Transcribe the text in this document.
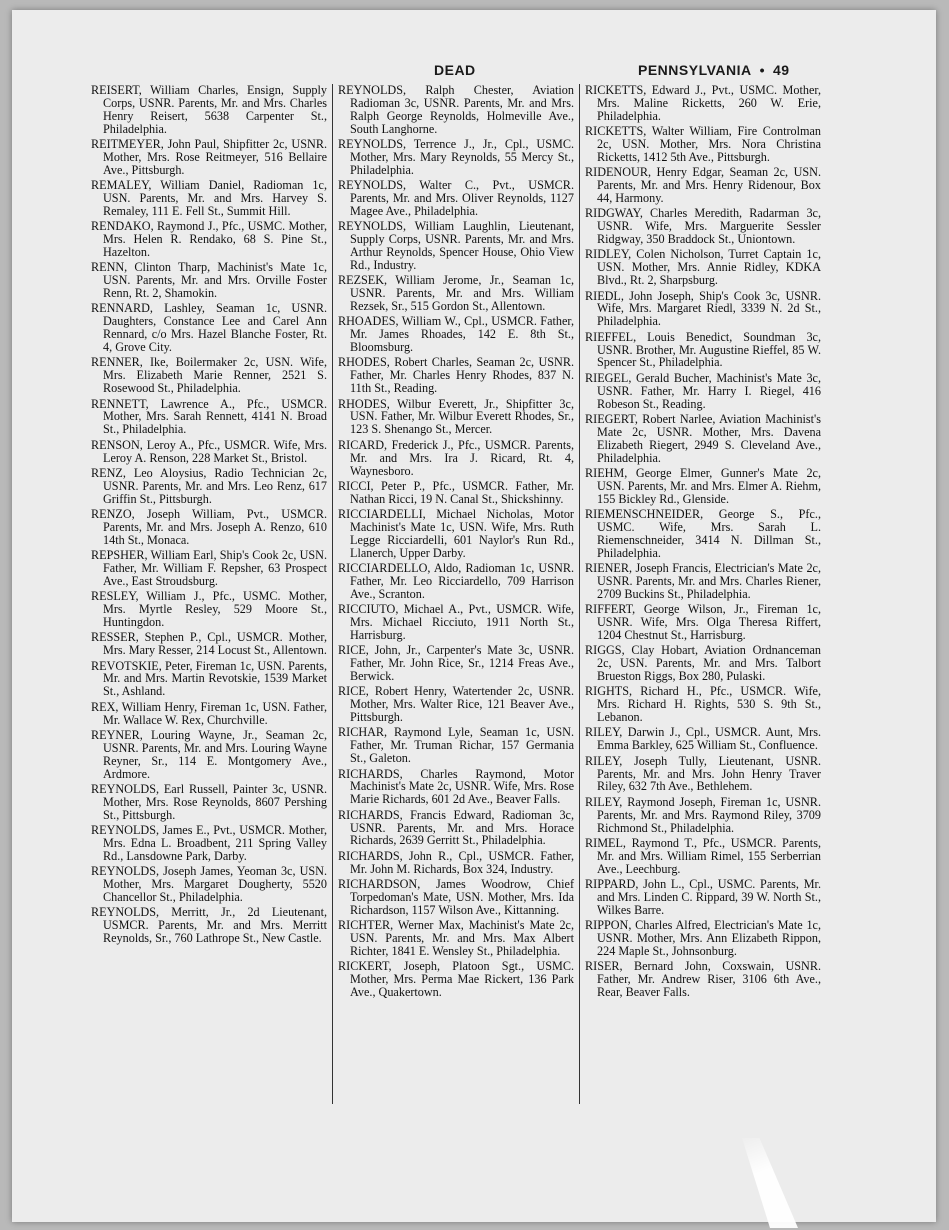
DEAD	PENNSYLVANIA • 49

REISERT, William Charles, Ensign, Supply Corps, USNR. Parents, Mr. and Mrs. Charles Henry Reisert, 5638 Carpenter St., Philadelphia.

REITMEYER, John Paul, Shipfitter 2c, USNR. Mother, Mrs. Rose Reitmeyer, 516 Bellaire Ave., Pittsburgh.

REMALEY, William Daniel, Radioman 1c, USN. Parents, Mr. and Mrs. Harvey S. Remaley, 111 E. Fell St., Summit Hill.

RENDAKO, Raymond J., Pfc., USMC. Mother, Mrs. Helen R. Rendako, 68 S. Pine St., Hazelton.

RENN, Clinton Tharp, Machinist's Mate 1c, USN. Parents, Mr. and Mrs. Orville Foster Renn, Rt. 2, Shamokin.

RENNARD, Lashley, Seaman 1c, USNR. Daughters, Constance Lee and Carel Ann Rennard, c/o Mrs. Hazel Blanche Foster, Rt. 4, Grove City.

RENNER, Ike, Boilermaker 2c, USN. Wife, Mrs. Elizabeth Marie Renner, 2521 S. Rosewood St., Philadelphia.

RENNETT, Lawrence A., Pfc., USMCR. Mother, Mrs. Sarah Rennett, 4141 N. Broad St., Philadelphia.

RENSON, Leroy A., Pfc., USMCR. Wife, Mrs. Leroy A. Renson, 228 Market St., Bristol.

RENZ, Leo Aloysius, Radio Technician 2c, USNR. Parents, Mr. and Mrs. Leo Renz, 617 Griffin St., Pittsburgh.

RENZO, Joseph William, Pvt., USMCR. Parents, Mr. and Mrs. Joseph A. Renzo, 610 14th St., Monaca.

REPSHER, William Earl, Ship's Cook 2c, USN. Father, Mr. William F. Repsher, 63 Prospect Ave., East Stroudsburg.

RESLEY, William J., Pfc., USMC. Mother, Mrs. Myrtle Resley, 529 Moore St., Huntingdon.

RESSER, Stephen P., Cpl., USMCR. Mother, Mrs. Mary Resser, 214 Locust St., Allentown.

REVOTSKIE, Peter, Fireman 1c, USN. Parents, Mr. and Mrs. Martin Revotskie, 1539 Market St., Ashland.

REX, William Henry, Fireman 1c, USN. Father, Mr. Wallace W. Rex, Churchville.

REYNER, Louring Wayne, Jr., Seaman 2c, USNR. Parents, Mr. and Mrs. Louring Wayne Reyner, Sr., 114 E. Montgomery Ave., Ardmore.

REYNOLDS, Earl Russell, Painter 3c, USNR. Mother, Mrs. Rose Reynolds, 8607 Pershing St., Pittsburgh.

REYNOLDS, James E., Pvt., USMCR. Mother, Mrs. Edna L. Broadbent, 211 Spring Valley Rd., Lansdowne Park, Darby.

REYNOLDS, Joseph James, Yeoman 3c, USN. Mother, Mrs. Margaret Dougherty, 5520 Chancellor St., Philadelphia.

REYNOLDS, Merritt, Jr., 2d Lieutenant, USMCR. Parents, Mr. and Mrs. Merritt Reynolds, Sr., 760 Lathrope St., New Castle.

REYNOLDS, Ralph Chester, Aviation Radioman 3c, USNR. Parents, Mr. and Mrs. Ralph George Reynolds, Holmeville Ave., South Langhorne.

REYNOLDS, Terrence J., Jr., Cpl., USMC. Mother, Mrs. Mary Reynolds, 55 Mercy St., Philadelphia.

REYNOLDS, Walter C., Pvt., USMCR. Parents, Mr. and Mrs. Oliver Reynolds, 1127 Magee Ave., Philadelphia.

REYNOLDS, William Laughlin, Lieutenant, Supply Corps, USNR. Parents, Mr. and Mrs. Arthur Reynolds, Spencer House, Ohio View Rd., Industry.

REZSEK, William Jerome, Jr., Seaman 1c, USNR. Parents, Mr. and Mrs. William Rezsek, Sr., 515 Gordon St., Allentown.

RHOADES, William W., Cpl., USMCR. Father, Mr. James Rhoades, 142 E. 8th St., Bloomsburg.

RHODES, Robert Charles, Seaman 2c, USNR. Father, Mr. Charles Henry Rhodes, 837 N. 11th St., Reading.

RHODES, Wilbur Everett, Jr., Shipfitter 3c, USN. Father, Mr. Wilbur Everett Rhodes, Sr., 123 S. Shenango St., Mercer.

RICARD, Frederick J., Pfc., USMCR. Parents, Mr. and Mrs. Ira J. Ricard, Rt. 4, Waynesboro.

RICCI, Peter P., Pfc., USMCR. Father, Mr. Nathan Ricci, 19 N. Canal St., Shickshinny.

RICCIARDELLI, Michael Nicholas, Motor Machinist's Mate 1c, USN. Wife, Mrs. Ruth Legge Ricciardelli, 601 Naylor's Run Rd., Llanerch, Upper Darby.

RICCIARDELLO, Aldo, Radioman 1c, USNR. Father, Mr. Leo Ricciardello, 709 Harrison Ave., Scranton.

RICCIUTO, Michael A., Pvt., USMCR. Wife, Mrs. Michael Ricciuto, 1911 North St., Harrisburg.

RICE, John, Jr., Carpenter's Mate 3c, USNR. Father, Mr. John Rice, Sr., 1214 Freas Ave., Berwick.

RICE, Robert Henry, Watertender 2c, USNR. Mother, Mrs. Walter Rice, 121 Beaver Ave., Pittsburgh.

RICHAR, Raymond Lyle, Seaman 1c, USN. Father, Mr. Truman Richar, 157 Germania St., Galeton.

RICHARDS, Charles Raymond, Motor Machinist's Mate 2c, USNR. Wife, Mrs. Rose Marie Richards, 601 2d Ave., Beaver Falls.

RICHARDS, Francis Edward, Radioman 3c, USNR. Parents, Mr. and Mrs. Horace Richards, 2639 Gerritt St., Philadelphia.

RICHARDS, John R., Cpl., USMCR. Father, Mr. John M. Richards, Box 324, Industry.

RICHARDSON, James Woodrow, Chief Torpedoman's Mate, USN. Mother, Mrs. Ida Richardson, 1157 Wilson Ave., Kittanning.

RICHTER, Werner Max, Machinist's Mate 2c, USN. Parents, Mr. and Mrs. Max Albert Richter, 1841 E. Wensley St., Philadelphia.

RICKERT, Joseph, Platoon Sgt., USMC. Mother, Mrs. Perma Mae Rickert, 136 Park Ave., Quakertown.

RICKETTS, Edward J., Pvt., USMC. Mother, Mrs. Maline Ricketts, 260 W. Erie, Philadelphia.

RICKETTS, Walter William, Fire Controlman 2c, USN. Mother, Mrs. Nora Christina Ricketts, 1412 5th Ave., Pittsburgh.

RIDENOUR, Henry Edgar, Seaman 2c, USN. Parents, Mr. and Mrs. Henry Ridenour, Box 44, Harmony.

RIDGWAY, Charles Meredith, Radarman 3c, USNR. Wife, Mrs. Marguerite Sessler Ridgway, 350 Braddock St., Uniontown.

RIDLEY, Colen Nicholson, Turret Captain 1c, USN. Mother, Mrs. Annie Ridley, KDKA Blvd., Rt. 2, Sharpsburg.

RIEDL, John Joseph, Ship's Cook 3c, USNR. Wife, Mrs. Margaret Riedl, 3339 N. 2d St., Philadelphia.

RIEFFEL, Louis Benedict, Soundman 3c, USNR. Brother, Mr. Augustine Rieffel, 85 W. Spencer St., Philadelphia.

RIEGEL, Gerald Bucher, Machinist's Mate 3c, USNR. Father, Mr. Harry I. Riegel, 416 Robeson St., Reading.

RIEGERT, Robert Narlee, Aviation Machinist's Mate 2c, USNR. Mother, Mrs. Davena Elizabeth Riegert, 2949 S. Cleveland Ave., Philadelphia.

RIEHM, George Elmer, Gunner's Mate 2c, USN. Parents, Mr. and Mrs. Elmer A. Riehm, 155 Bickley Rd., Glenside.

RIEMENSCHNEIDER, George S., Pfc., USMC. Wife, Mrs. Sarah L. Riemenschneider, 3414 N. Dillman St., Philadelphia.

RIENER, Joseph Francis, Electrician's Mate 2c, USNR. Parents, Mr. and Mrs. Charles Riener, 2709 Buckins St., Philadelphia.

RIFFERT, George Wilson, Jr., Fireman 1c, USNR. Wife, Mrs. Olga Theresa Riffert, 1204 Chestnut St., Harrisburg.

RIGGS, Clay Hobart, Aviation Ordnanceman 2c, USN. Parents, Mr. and Mrs. Talbort Brueston Riggs, Box 280, Pulaski.

RIGHTS, Richard H., Pfc., USMCR. Wife, Mrs. Richard H. Rights, 530 S. 9th St., Lebanon.

RILEY, Darwin J., Cpl., USMCR. Aunt, Mrs. Emma Barkley, 625 William St., Confluence.

RILEY, Joseph Tully, Lieutenant, USNR. Parents, Mr. and Mrs. John Henry Traver Riley, 632 7th Ave., Bethlehem.

RILEY, Raymond Joseph, Fireman 1c, USNR. Parents, Mr. and Mrs. Raymond Riley, 3709 Richmond St., Philadelphia.

RIMEL, Raymond T., Pfc., USMCR. Parents, Mr. and Mrs. William Rimel, 155 Serberrian Ave., Leechburg.

RIPPARD, John L., Cpl., USMC. Parents, Mr. and Mrs. Linden C. Rippard, 39 W. North St., Wilkes Barre.

RIPPON, Charles Alfred, Electrician's Mate 1c, USNR. Mother, Mrs. Ann Elizabeth Rippon, 224 Maple St., Johnsonburg.

RISER, Bernard John, Coxswain, USNR. Father, Mr. Andrew Riser, 3106 6th Ave., Rear, Beaver Falls.
